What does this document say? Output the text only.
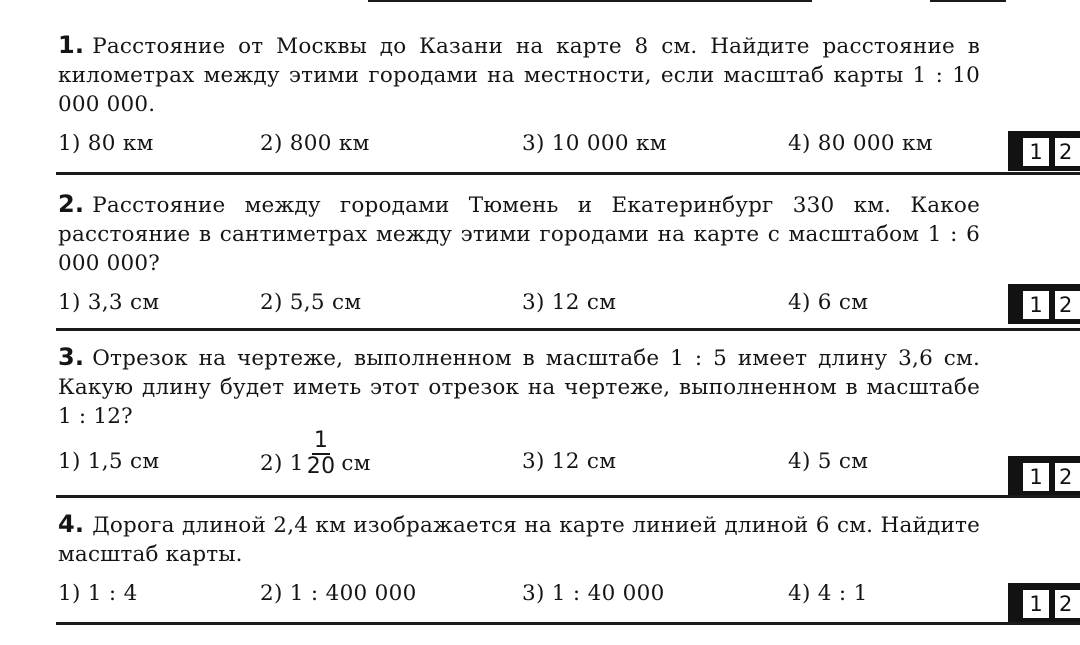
1. Расстояние от Москвы до Казани на карте 8 см. Найдите расстояние в километрах между этими городами на местности, если масштаб карты 1 : 10 000 000.

1) 80 км	2) 800 км	3) 10 000 км	4) 80 000 км	1 2

2. Расстояние между городами Тюмень и Екатеринбург 330 км. Какое расстояние в сантиметрах между этими городами на карте с масштабом 1 : 6 000 000?

1) 3,3 см	2) 5,5 см	3) 12 см	4) 6 см	1 2

3. Отрезок на чертеже, выполненном в масштабе 1 : 5 имеет длину 3,6 см. Какую длину будет иметь этот отрезок на чертеже, выполненном в масштабе 1 : 12?

1) 1,5 см	2) $1 \frac{1}{20}$ см	3) 12 см	4) 5 см
1 2

4. Дорога длиной 2,4 км изображается на карте линией длиной 6 см. Найдите масштаб карты.

1) 1 : 4	2) 1 : 400 000	3) 1 : 40 000	4) 4 : 1	1 2
